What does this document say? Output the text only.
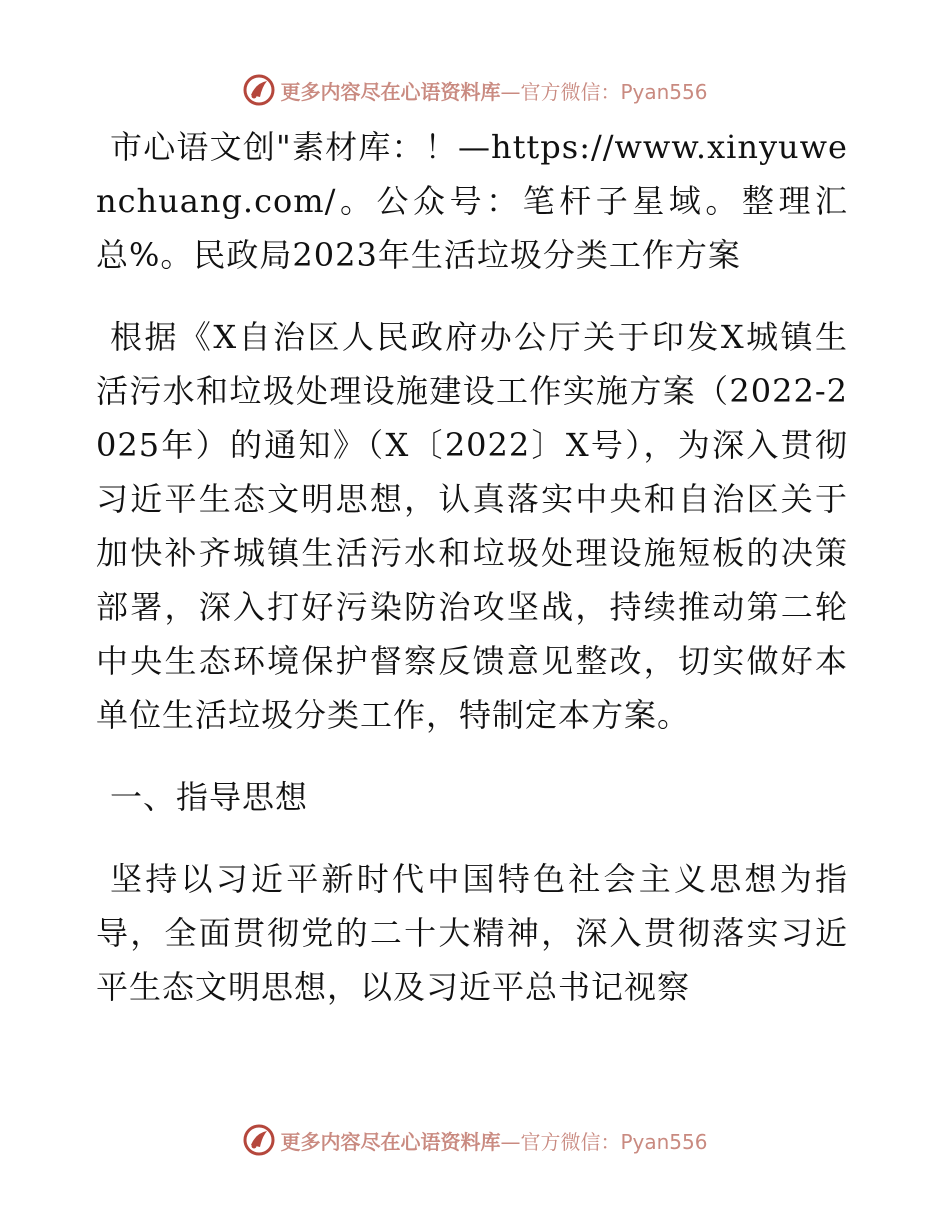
更多内容尽在心语资料库—官方微信：Pyan556

市心语文创"素材库：！—https://www.xinyuwenchuang.com/。公众号：笔杆子星域。整理汇总%。民政局2023年生活垃圾分类工作方案

根据《X自治区人民政府办公厅关于印发X城镇生活污水和垃圾处理设施建设工作实施方案（2022-2025年）的通知》（X〔2022〕X号），为深入贯彻习近平生态文明思想，认真落实中央和自治区关于加快补齐城镇生活污水和垃圾处理设施短板的决策部署，深入打好污染防治攻坚战，持续推动第二轮中央生态环境保护督察反馈意见整改，切实做好本单位生活垃圾分类工作，特制定本方案。

一、指导思想

坚持以习近平新时代中国特色社会主义思想为指导，全面贯彻党的二十大精神，深入贯彻落实习近平生态文明思想，以及习近平总书记视察

更多内容尽在心语资料库—官方微信：Pyan556
